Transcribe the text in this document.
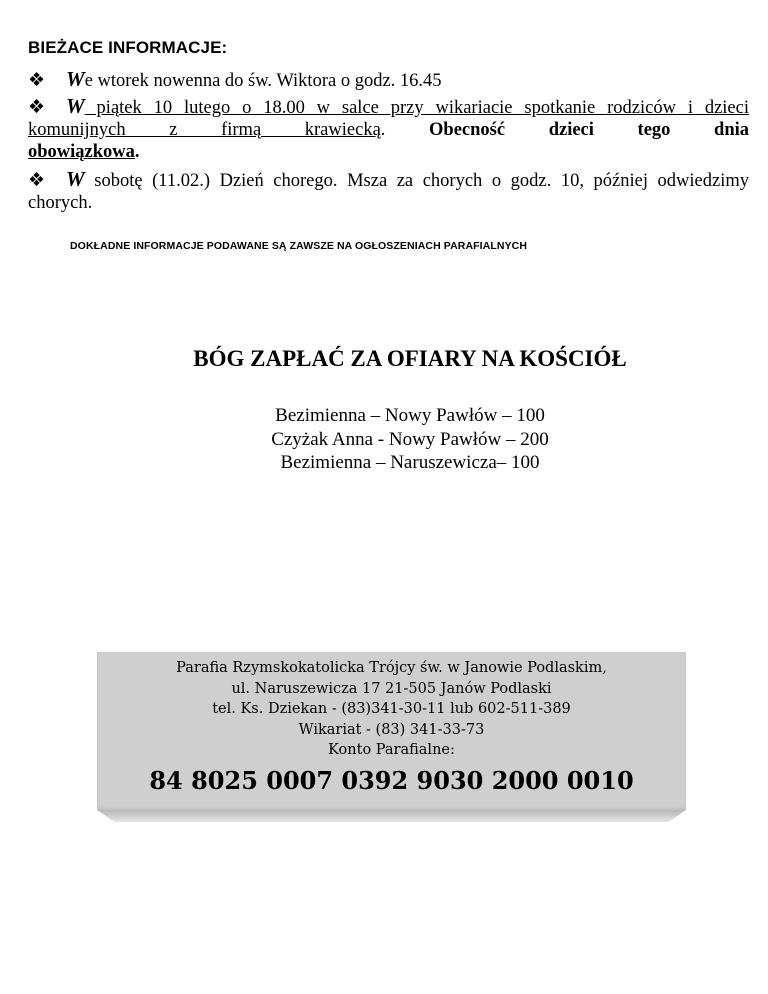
BIEŻACE INFORMACJE:
❖ We wtorek nowenna do św. Wiktora o godz. 16.45
❖ W piątek 10 lutego o 18.00 w salce przy wikariacie spotkanie rodziców i dzieci komunijnych z firmą krawiecką. Obecność dzieci tego dnia
obowiązkowa.
❖ W sobotę (11.02.) Dzień chorego. Msza za chorych o godz. 10, później odwiedzimy chorych.
DOKŁADNE INFORMACJE PODAWANE SĄ ZAWSZE NA OGŁOSZENIACH PARAFIALNYCH
BÓG ZAPŁAĆ ZA OFIARY NA KOŚCIÓŁ
Bezimienna – Nowy Pawłów – 100
Czyżak Anna - Nowy Pawłów – 200
Bezimienna – Naruszewicza– 100
Parafia Rzymskokatolicka Trójcy św. w Janowie Podlaskim,
ul. Naruszewicza 17 21-505 Janów Podlaski
tel. Ks. Dziekan - (83)341-30-11 lub 602-511-389
Wikariat - (83) 341-33-73
Konto Parafialne:
84 8025 0007 0392 9030 2000 0010
